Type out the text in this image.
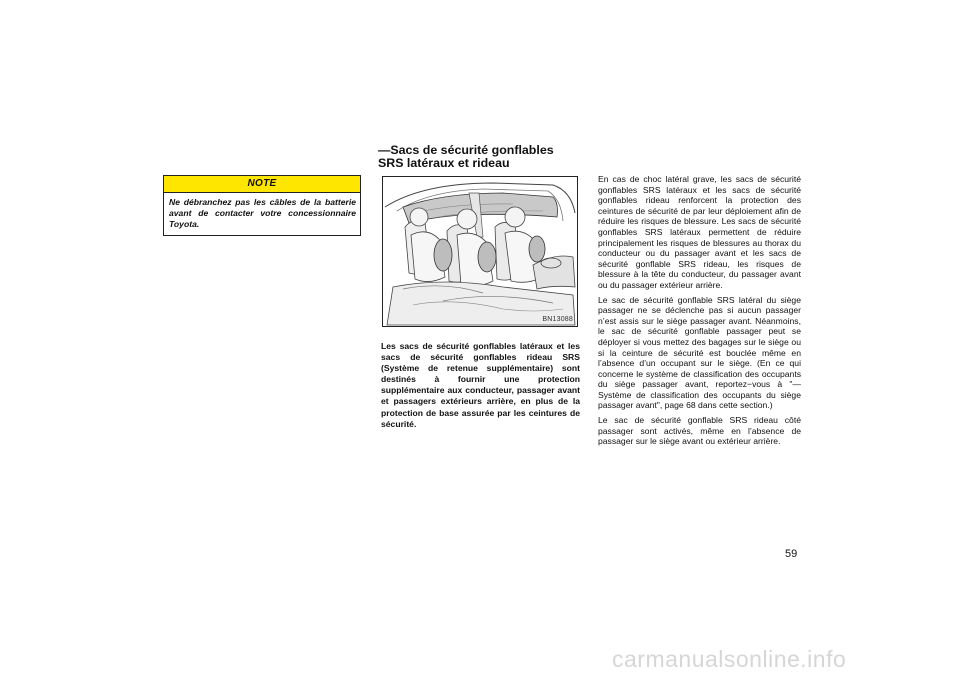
NOTE
Ne débranchez pas les câbles de la batterie avant de contacter votre concessionnaire Toyota.
—Sacs de sécurité gonflables
SRS latéraux et rideau
BN13088

Les sacs de sécurité gonflables latéraux et les sacs de sécurité gonflables rideau SRS (Système de retenue supplémentaire) sont destinés à fournir une protection supplémentaire aux conducteur, passager avant et passagers extérieurs arrière, en plus de la protection de base assurée par les ceintures de sécurité.

En cas de choc latéral grave, les sacs de sécurité gonflables SRS latéraux et les sacs de sécurité gonflables rideau renforcent la protection des ceintures de sécurité de par leur déploiement afin de réduire les risques de blessure. Les sacs de sécurité gonflables SRS latéraux permettent de réduire principalement les risques de blessures au thorax du conducteur ou du passager avant et les sacs de sécurité gonflable SRS rideau, les risques de blessure à la tête du conducteur, du passager avant ou du passager extérieur arrière.

Le sac de sécurité gonflable SRS latéral du siège passager ne se déclenche pas si aucun passager n’est assis sur le siège passager avant. Néanmoins, le sac de sécurité gonflable passager peut se déployer si vous mettez des bagages sur le siège ou si la ceinture de sécurité est bouclée même en l’absence d’un occupant sur le siège. (En ce qui concerne le système de classification des occupants du siège passager avant, reportez−vous à "—Système de classification des occupants du siège passager avant", page 68 dans cette section.)

Le sac de sécurité gonflable SRS rideau côté passager sont activés, même en l’absence de passager sur le siège avant ou extérieur arrière.

59
carmanualsonline.info
